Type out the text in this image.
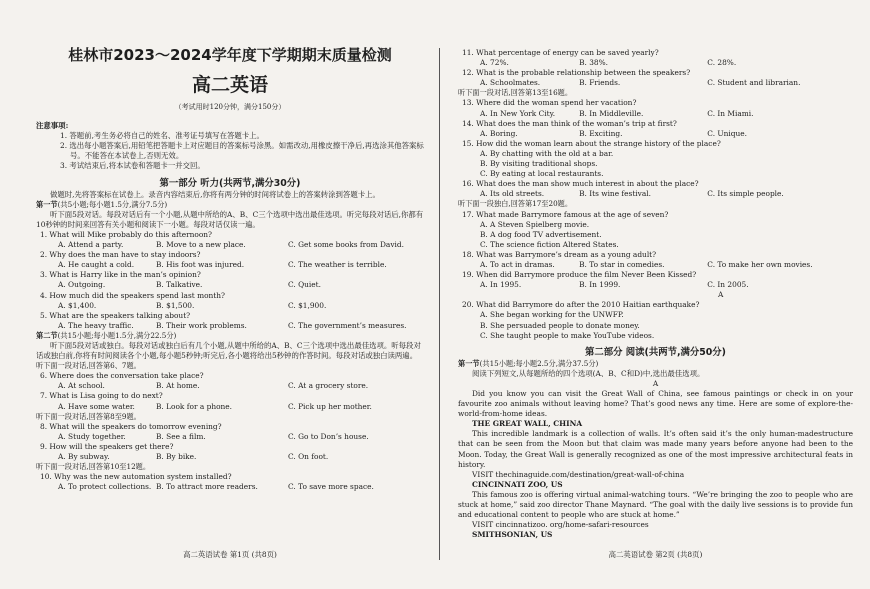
桂林市2023～2024学年度下学期期末质量检测
高二英语
（考试用时120分钟，满分150分）
注意事项:
1. 答题前,考生务必将自己的姓名、准考证号填写在答题卡上。
2. 选出每小题答案后,用铅笔把答题卡上对应题目的答案标号涂黑。如需改动,用橡皮擦干净后,再选涂其他答案标号。不能答在本试卷上,否则无效。
3. 考试结束后,将本试卷和答题卡一并交回。
第一部分 听力(共两节,满分30分)
做题时,先将答案标在试卷上。录音内容结束后,你将有两分钟的时间将试卷上的答案转涂到答题卡上。
第一节(共5小题;每小题1.5分,满分7.5分)
听下面5段对话。每段对话后有一个小题,从题中所给的A、B、C三个选项中选出最佳选项。听完每段对话后,你都有10秒钟的时间来回答有关小题和阅读下一小题。每段对话仅读一遍。
1. What will Mike probably do this afternoon?
A. Attend a party.	B. Move to a new place.	C. Get some books from David.
2. Why does the man have to stay indoors?
A. He caught a cold.	B. His foot was injured.	C. The weather is terrible.
3. What is Harry like in the man’s opinion?
A. Outgoing.	B. Talkative.	C. Quiet.
4. How much did the speakers spend last month?
A. $1,400.	B. $1,500.	C. $1,900.
5. What are the speakers talking about?
A. The heavy traffic.	B. Their work problems.	C. The government’s measures.
第二节(共15小题;每小题1.5分,满分22.5分)
听下面5段对话或独白。每段对话或独白后有几个小题,从题中所给的A、B、C三个选项中选出最佳选项。听每段对话或独白前,你将有时间阅读各个小题,每小题5秒钟;听完后,各小题将给出5秒钟的作答时间。每段对话或独白读两遍。
听下面一段对话,回答第6、7题。
6. Where does the conversation take place?
A. At school.	B. At home.	C. At a grocery store.
7. What is Lisa going to do next?
A. Have some water.	B. Look for a phone.	C. Pick up her mother.
听下面一段对话,回答第8至9题。
8. What will the speakers do tomorrow evening?
A. Study together.	B. See a film.	C. Go to Don’s house.
9. How will the speakers get there?
A. By subway.	B. By bike.	C. On foot.
听下面一段对话,回答第10至12题。
10. Why was the new automation system installed?
A. To protect collections. B. To attract more readers.	C. To save more space.
高二英语试卷 第1页 (共8页)
11. What percentage of energy can be saved yearly?
A. 72%.	B. 38%.	C. 28%.
12. What is the probable relationship between the speakers?
A. Schoolmates.	B. Friends.	C. Student and librarian.
听下面一段对话,回答第13至16题。
13. Where did the woman spend her vacation?
A. In New York City.	B. In Middleville.	C. In Miami.
14. What does the man think of the woman’s trip at first?
A. Boring.	B. Exciting.	C. Unique.
15. How did the woman learn about the strange history of the place?
A. By chatting with the old at a bar.
B. By visiting traditional shops.
C. By eating at local restaurants.
16. What does the man show much interest in about the place?
A. Its old streets.	B. Its wine festival.	C. Its simple people.
听下面一段独白,回答第17至20题。
17. What made Barrymore famous at the age of seven?
A. A Steven Spielberg movie.
B. A dog food TV advertisement.
C. The science fiction Altered States.
18. What was Barrymore’s dream as a young adult?
A. To act in dramas.	B. To star in comedies.	C. To make her own movies.
19. When did Barrymore produce the film Never Been Kissed?
A. In 1995.	B. In 1999.	C. In 2005.
A
20. What did Barrymore do after the 2010 Haitian earthquake?
A. She began working for the UNWFP.
B. She persuaded people to donate money.
C. She taught people to make YouTube videos.
第二部分 阅读(共两节,满分50分)
第一节(共15小题;每小题2.5分,满分37.5分)
阅读下列短文,从每题所给的四个选项(A、B、C和D)中,选出最佳选项。
A
Did you know you can visit the Great Wall of China, see famous paintings or check in on your favourite zoo animals without leaving home? That’s good news any time. Here are some of explore-the-world-from-home ideas.
THE GREAT WALL, CHINA
This incredible landmark is a collection of walls. It’s often said it’s the only human-madestructure that can be seen from the Moon but that claim was made many years before anyone had been to the Moon. Today, the Great Wall is generally recognized as one of the most impressive architectural feats in history.
VISIT thechinaguide.com/destination/great-wall-of-china
CINCINNATI ZOO, US
This famous zoo is offering virtual animal-watching tours. “We’re bringing the zoo to people who are stuck at home,” said zoo director Thane Maynard. “The goal with the daily live sessions is to provide fun and educational content to people who are stuck at home.”
VISIT cincinnatizoo. org/home-safari-resources
SMITHSONIAN, US
高二英语试卷 第2页 (共8页)
